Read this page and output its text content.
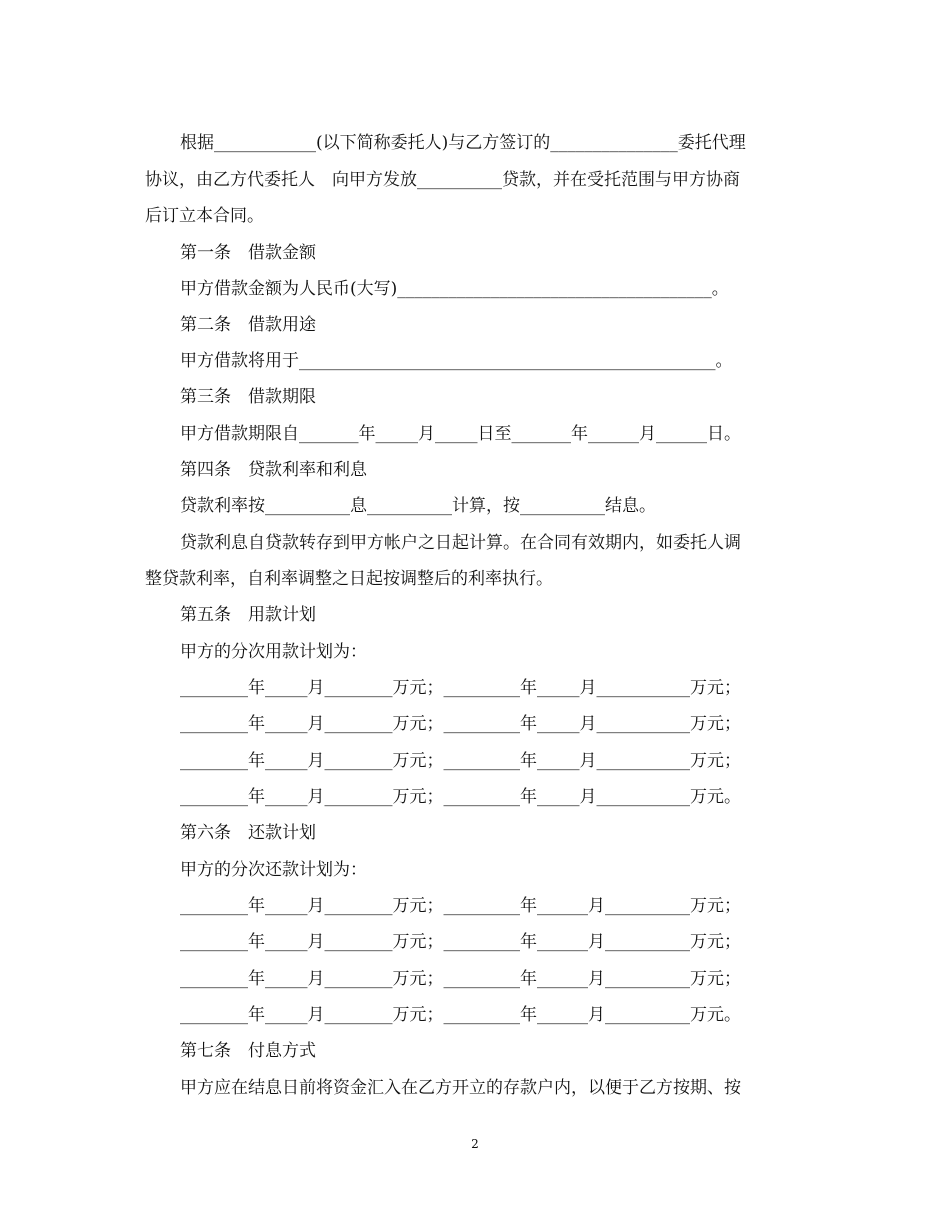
根据____________(以下简称委托人)与乙方签订的_______________委托代理
协议，由乙方代委托人　向甲方发放__________贷款，并在受托范围与甲方协商
后订立本合同。
第一条　借款金额
甲方借款金额为人民币(大写)_____________________________________。
第二条　借款用途
甲方借款将用于_________________________________________________。
第三条　借款期限
甲方借款期限自_______年_____月_____日至_______年______月______日。
第四条　贷款利率和利息
贷款利率按__________息__________计算，按__________结息。
贷款利息自贷款转存到甲方帐户之日起计算。在合同有效期内，如委托人调
整贷款利率，自利率调整之日起按调整后的利率执行。
第五条　用款计划
甲方的分次用款计划为：
________年_____月________万元；_________年_____月___________万元；
________年_____月________万元；_________年_____月___________万元；
________年_____月________万元；_________年_____月___________万元；
________年_____月________万元；_________年_____月___________万元。
第六条　还款计划
甲方的分次还款计划为：
________年_____月________万元；_________年______月__________万元；
________年_____月________万元；_________年______月__________万元；
________年_____月________万元；_________年______月__________万元；
________年_____月________万元；_________年______月__________万元。
第七条　付息方式
甲方应在结息日前将资金汇入在乙方开立的存款户内，以便于乙方按期、按
2
